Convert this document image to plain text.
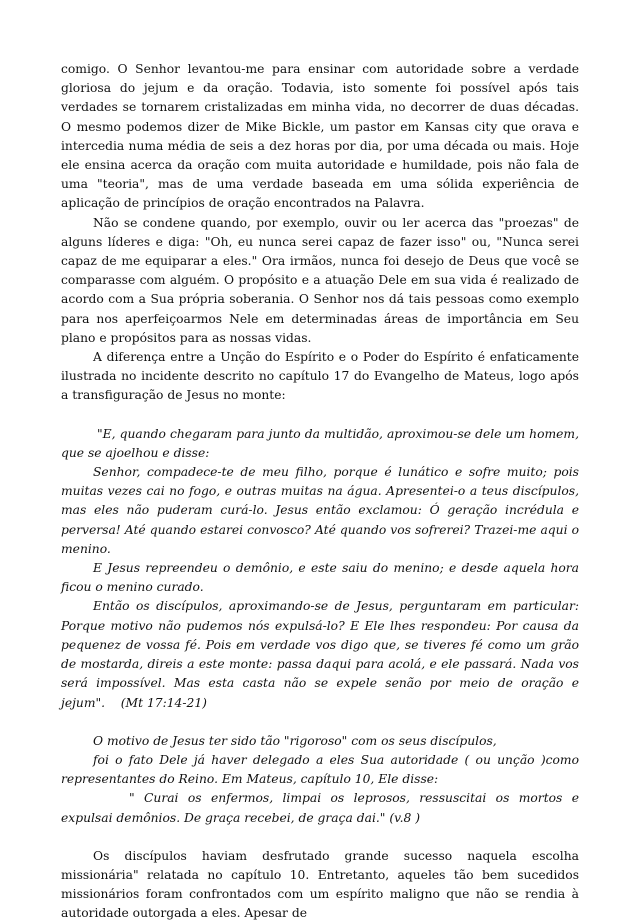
comigo. O Senhor levantou-me para ensinar com autoridade sobre a verdade gloriosa do jejum e da oração. Todavia, isto somente foi possível após tais verdades se tornarem cristalizadas em minha vida, no decorrer de duas décadas. O mesmo podemos dizer de Mike Bickle, um pastor em Kansas city que orava e intercedia numa média de seis a dez horas por dia, por uma década ou mais. Hoje ele ensina acerca da oração com muita autoridade e humildade, pois não fala de uma "teoria", mas de uma verdade baseada em uma sólida experiência de aplicação de princípios de oração encontrados na Palavra.

Não se condene quando, por exemplo, ouvir ou ler acerca das "proezas" de alguns líderes e diga: "Oh, eu nunca serei capaz de fazer isso" ou, "Nunca serei capaz de me equiparar a eles." Ora irmãos, nunca foi desejo de Deus que você se comparasse com alguém. O propósito e a atuação Dele em sua vida é realizado de acordo com a Sua própria soberania. O Senhor nos dá tais pessoas como exemplo para nos aperfeiçoarmos Nele em determinadas áreas de importância em Seu plano e propósitos para as nossas vidas.

A diferença entre a Unção do Espírito e o Poder do Espírito é enfaticamente ilustrada no incidente descrito no capítulo 17 do Evangelho de Mateus, logo após a transfiguração de Jesus no monte:

"E, quando chegaram para junto da multidão, aproximou-se dele um homem, que se ajoelhou e disse:

Senhor, compadece-te de meu filho, porque é lunático e sofre muito; pois muitas vezes cai no fogo, e outras muitas na água. Apresentei-o a teus discípulos, mas eles não puderam curá-lo. Jesus então exclamou: Ó geração incrédula e perversa! Até quando estarei convosco? Até quando vos sofrerei? Trazei-me aqui o menino.

E Jesus repreendeu o demônio, e este saiu do menino; e desde aquela hora ficou o menino curado.

Então os discípulos, aproximando-se de Jesus, perguntaram em particular: Porque motivo não pudemos nós expulsá-lo? E Ele lhes respondeu: Por causa da pequenez de vossa fé. Pois em verdade vos digo que, se tiveres fé como um grão de mostarda, direis a este monte: passa daqui para acolá, e ele passará. Nada vos será impossível. Mas esta casta não se expele senão por meio de oração e jejum". (Mt 17:14-21)

O motivo de Jesus ter sido tão "rigoroso" com os seus discípulos,

foi o fato Dele já haver delegado a eles Sua autoridade ( ou unção )como representantes do Reino. Em Mateus, capítulo 10, Ele disse:

" Curai os enfermos, limpai os leprosos, ressuscitai os mortos e expulsai demônios. De graça recebei, de graça dai." (v.8 )

Os discípulos haviam desfrutado grande sucesso naquela escolha missionária" relatada no capítulo 10. Entretanto, aqueles tão bem sucedidos missionários foram confrontados com um espírito maligno que não se rendia à autoridade outorgada a eles. Apesar de
